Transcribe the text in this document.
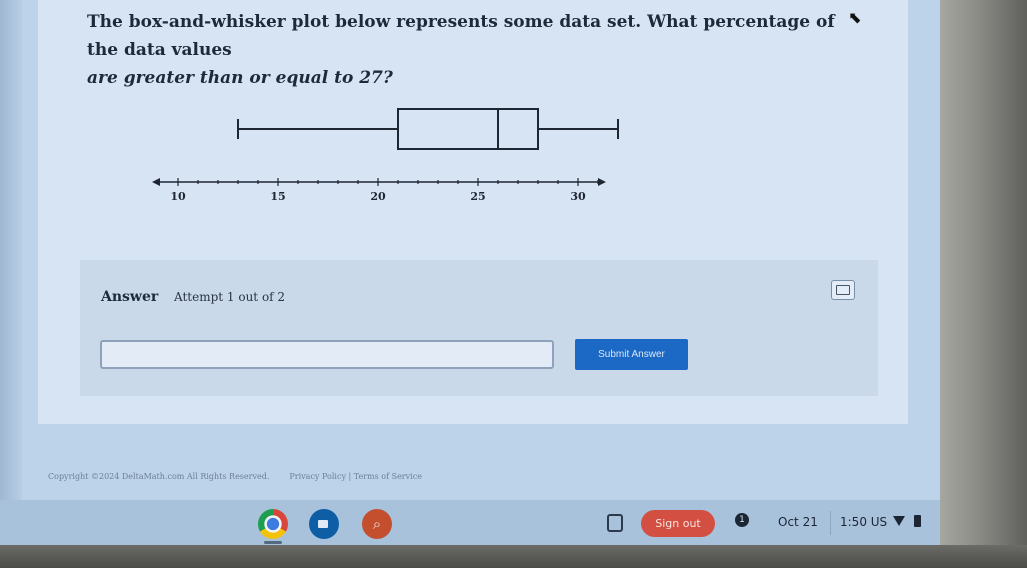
The box-and-whisker plot below represents some data set. What percentage of the data values
are greater than or equal to 27?
⬉
10	15	20	25	30
Answer Attempt 1 out of 2
Submit Answer
Copyright ©2024 DeltaMath.com All Rights Reserved.	Privacy Policy | Terms of Service
⌕	Sign out	1	Oct 21 1:50 US
